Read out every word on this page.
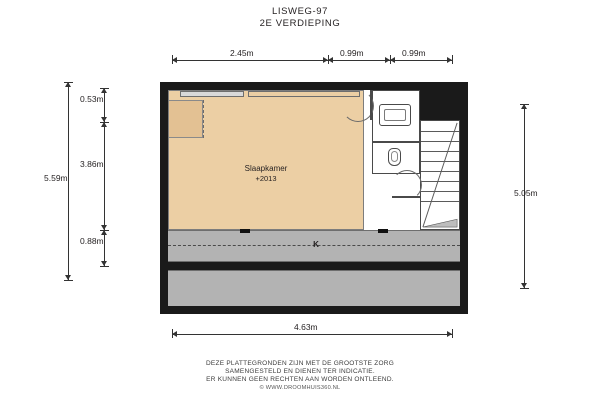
LISWEG-97
2E VERDIEPING
2.45m	0.99m	0.99m
4.63m
5.59m
0.53m
3.86m
0.88m
5.05m
Slaapkamer
+2013
K
DEZE PLATTEGRONDEN ZIJN MET DE GROOTSTE ZORG
SAMENGESTELD EN DIENEN TER INDICATIE.
ER KUNNEN GEEN RECHTEN AAN WORDEN ONTLEEND.
© WWW.DROOMHUIS360.NL
